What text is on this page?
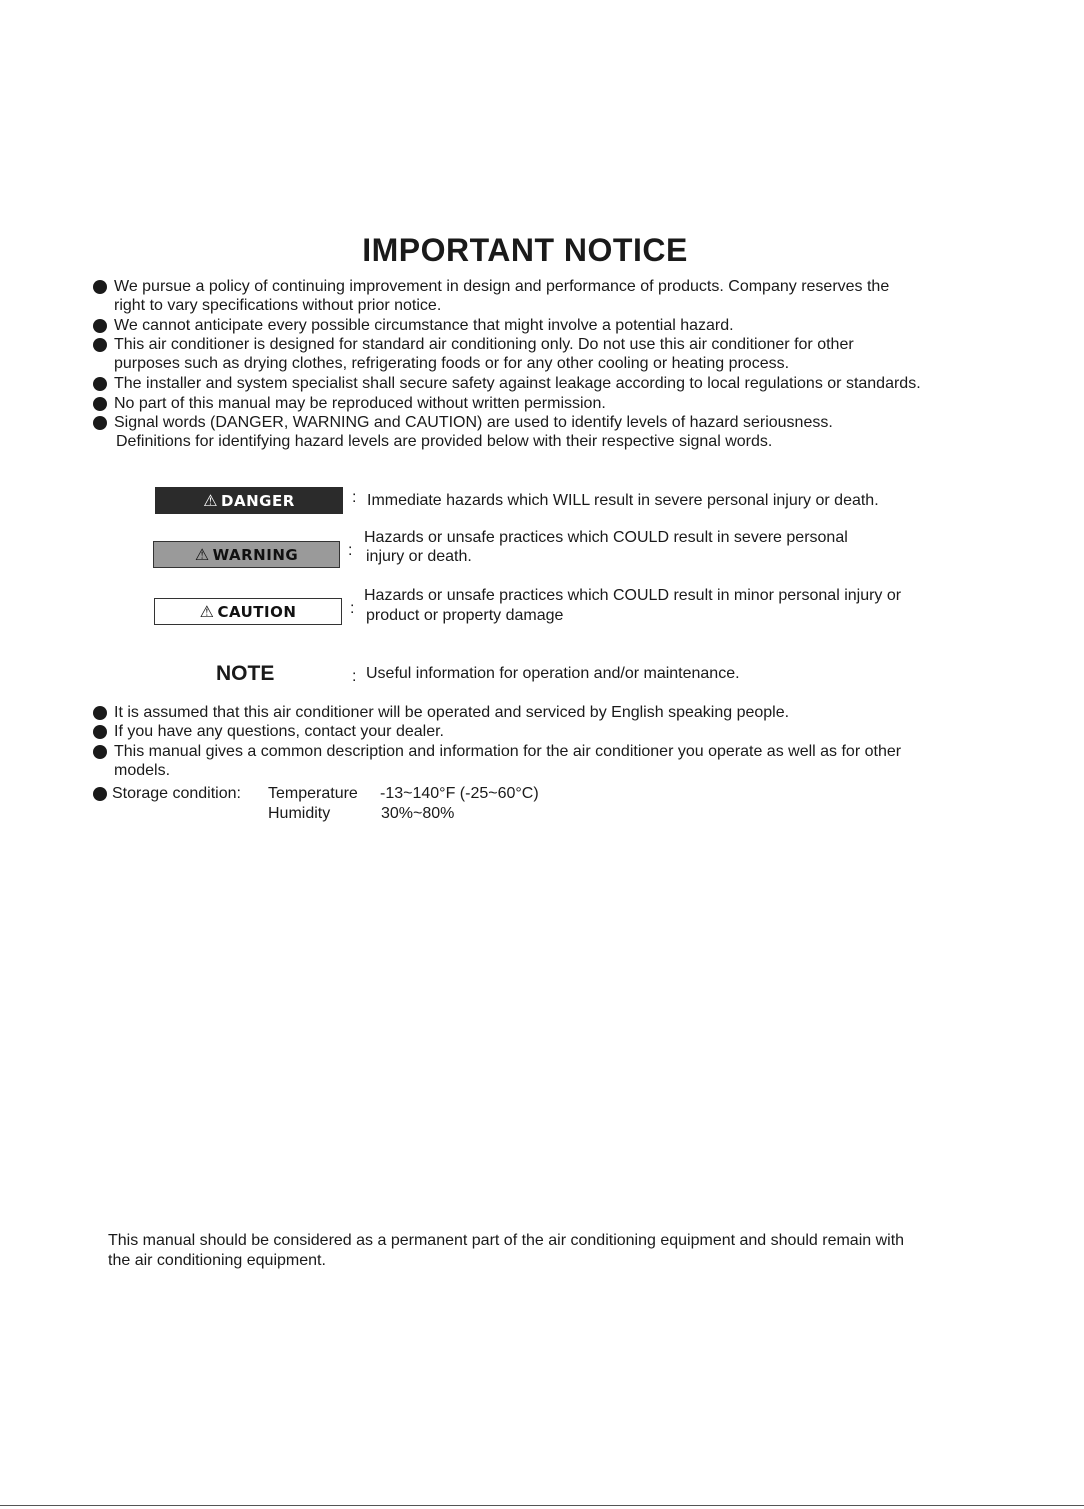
IMPORTANT NOTICE
We pursue a policy of continuing improvement in design and performance of products. Company reserves the
right to vary specifications without prior notice.
We cannot anticipate every possible circumstance that might involve a potential hazard.
This air conditioner is designed for standard air conditioning only. Do not use this air conditioner for other
purposes such as drying clothes, refrigerating foods or for any other cooling or heating process.
The installer and system specialist shall secure safety against leakage according to local regulations or standards.
No part of this manual may be reproduced without written permission.
Signal words (DANGER, WARNING and CAUTION) are used to identify levels of hazard seriousness.
Definitions for identifying hazard levels are provided below with their respective signal words.
⚠ DANGER	: Immediate hazards which WILL result in severe personal injury or death.
⚠ WARNING	:
Hazards or unsafe practices which COULD result in severe personal
injury or death.
⚠ CAUTION	:
Hazards or unsafe practices which COULD result in minor personal injury or
product or property damage
NOTE	: Useful information for operation and/or maintenance.
It is assumed that this air conditioner will be operated and serviced by English speaking people.
If you have any questions, contact your dealer.
This manual gives a common description and information for the air conditioner you operate as well as for other
models.
Storage condition: Temperature -13~140°F (-25~60°C)
Humidity	30%~80%
This manual should be considered as a permanent part of the air conditioning equipment and should remain with
the air conditioning equipment.
